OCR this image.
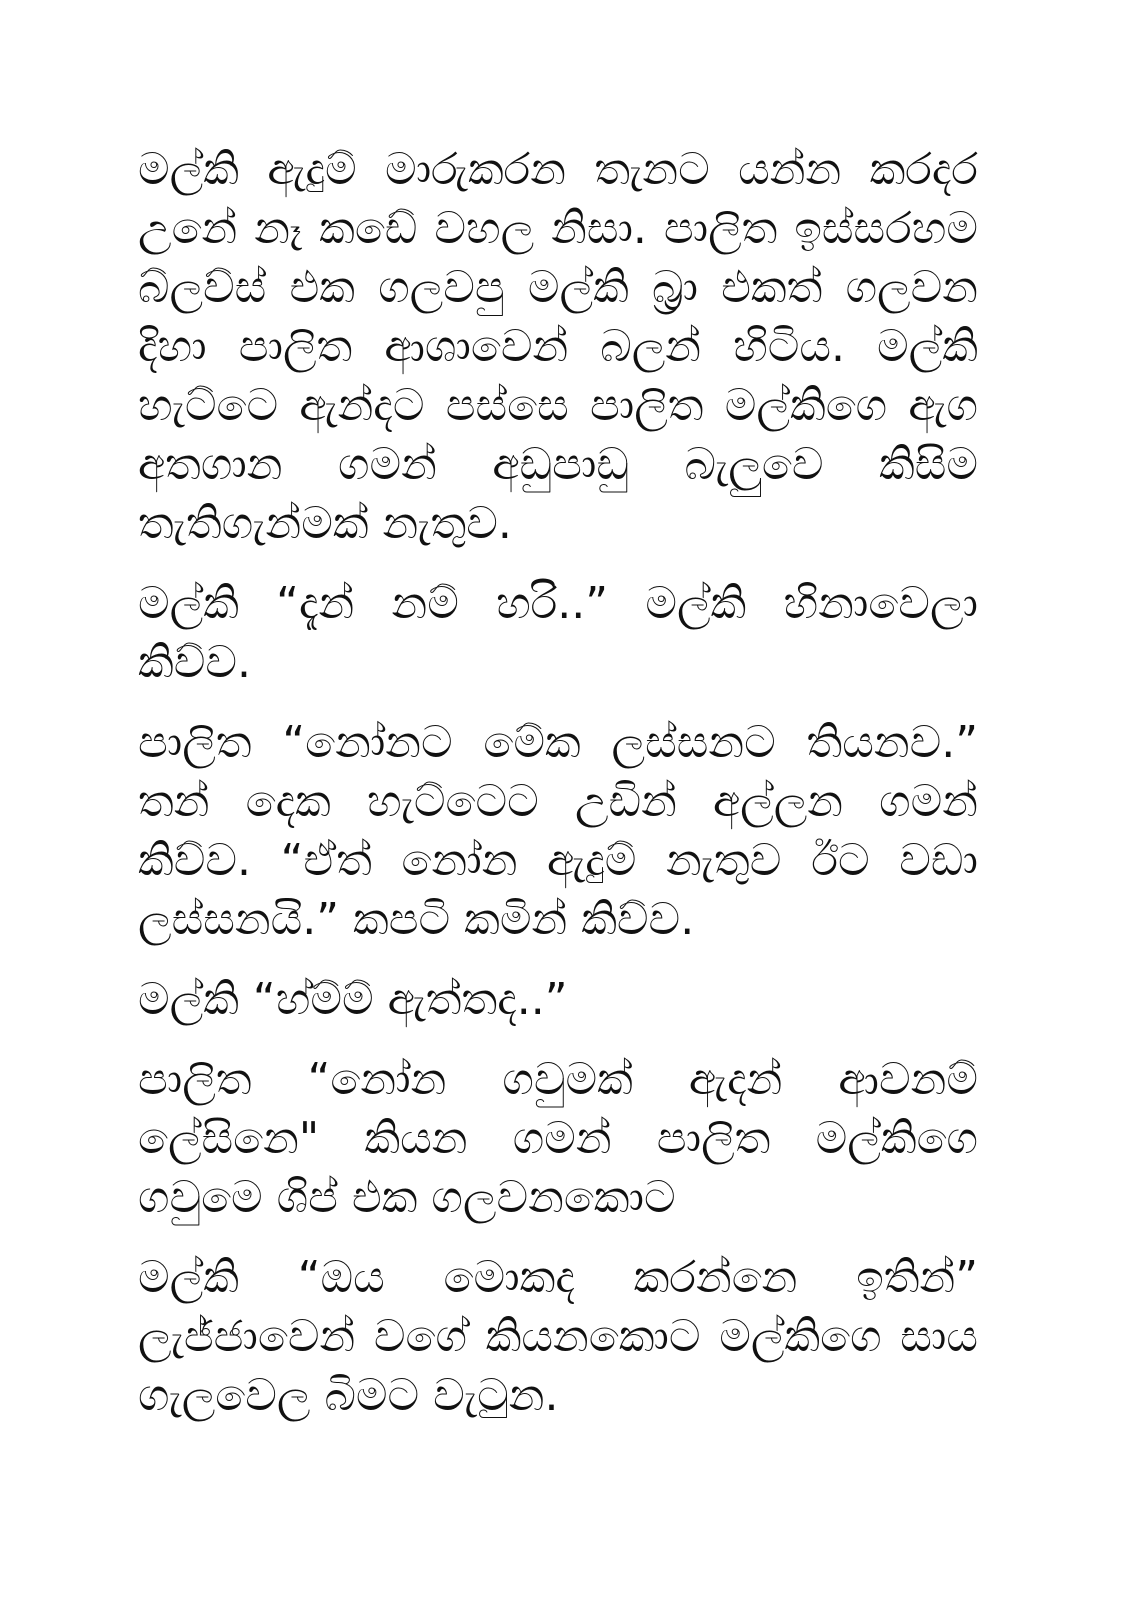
මල්කි ඇදුම් මාරුකරන තැනට යන්න කරදර උනේ නෑ කඩේ වහල නිසා. පාලිත ඉස්සරහම බ්ලව්ස් එක ගලවපු මල්කි බ්‍ර්‍රා එකත් ගලවන දිහා පාලිත ආශාවෙන් බලන් හිටිය. මල්කි හැට්ටෙ ඇන්දට පස්සෙ පාලිත මල්කිගෙ ඇග අතගාන ගමන් අඩුපාඩු බැලුවෙ කිසිම තැතිගැන්මක් නැතුව.

මල්කි “දැන් නම් හරි..” මල්කි හිනාවෙලා කිව්ව.

පාලිත “නෝනට මේක ලස්සනට තියනව.” තන් දෙක හැට්ටෙට උඩින් අල්ලන ගමන් කිව්ව. “ඒත් නෝන ඇදුම් නැතුව ඊට වඩා ලස්සනයි.” කපටි කමින් කිව්ව.

මල්කි “හ්ම්ම් ඇත්තද..”

පාලිත “නෝන ගවුමක් ඇදන් ආවනම් ලේසිනෙ" කියන ගමන් පාලිත මල්කිගෙ ගවුමෙ ශිප් එක ගලවනකොට

මල්කි “ඔය මොකද කරන්නෙ ඉතින්” ලැජ්ජාවෙන් වගේ කියනකොට මල්කිගෙ සාය ගැලවෙල බිමට වැටුන.
